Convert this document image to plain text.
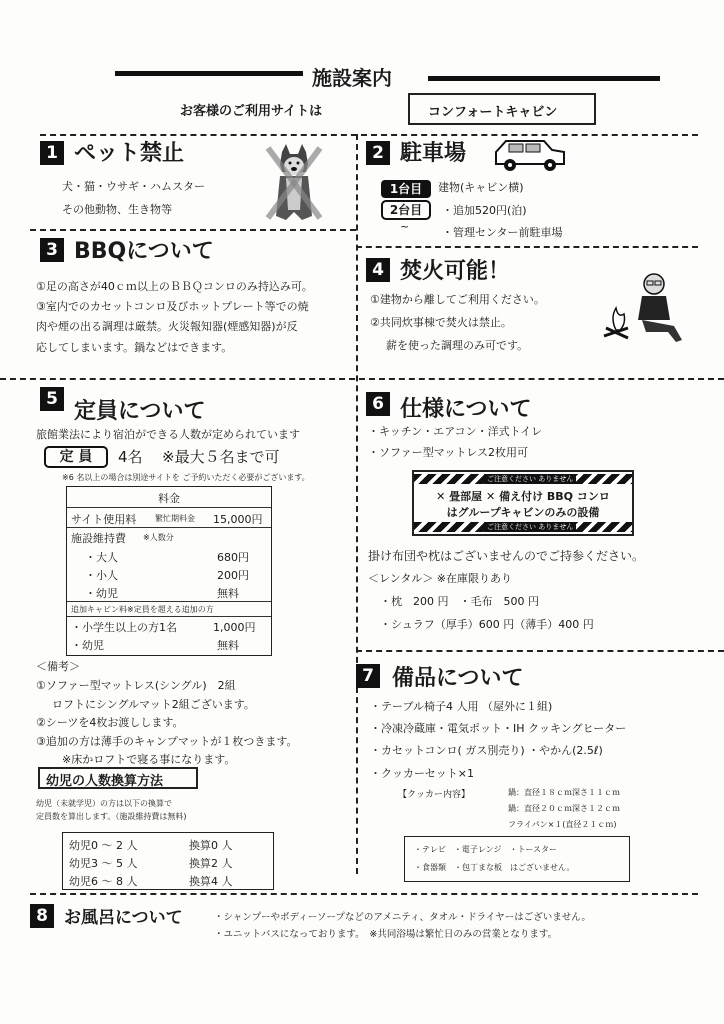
施設案内
お客様のご利用サイトは	コンフォートキャビン
1 ペット禁止
犬・猫・ウサギ・ハムスター
その他動物、生き物等
2 駐車場
1台目	建物(キャビン横)
2台目	・追加520円(泊)
~	・管理センター前駐車場
3 BBQについて
①足の高さが40ｃｍ以上のＢＢＱコンロのみ持込み可。
③室内でのカセットコンロ及びホットプレート等での焼
肉や煙の出る調理は厳禁。火災報知器(煙感知器)が反
応してしまいます。鍋などはできます。
4 焚火可能！
①建物から離してご利用ください。
②共同炊事棟で焚火は禁止。
薪を使った調理のみ可です。
5 定員について
旅館業法により宿泊ができる人数が定められています
定 員	4名 ※最大５名まで可
※6 名以上の場合は別途サイトを ご予約いただく必要がございます。
料金
サイト使用料 繁忙期料金 15,000円
施設維持費 ※人数分
・大人	680円
・小人	200円
・幼児	無料
追加キャビン料※定員を超える追加の方
・小学生以上の方1名	1,000円
・幼児	無料
＜備考＞
①ソファー型マットレス(シングル)　2組
ロフトにシングルマット2組ございます。
②シーツを4枚お渡しします。
③追加の方は薄手のキャンプマットが１枚つきます。
※床かロフトで寝る事になります。
幼児の人数換算方法
幼児（未就学児）の方は以下の換算で
定員数を算出します。（施設維持費は無料)
幼児0 ～ 2 人	換算0 人
幼児3 ～ 5 人	換算2 人
幼児6 ～ 8 人	換算4 人
6 仕様について
・キッチン・エアコン・洋式トイレ
・ソファー型マットレス2枚用可
ご注意ください ありません
✕ 畳部屋 ✕ 備え付け BBQ コンロ
はグループキャビンのみの設備
ご注意ください ありません
掛け布団や枕はございませんのでご持参ください。
＜レンタル＞ ※在庫限りあり
・枕　200 円　・毛布　500 円
・シュラフ（厚手）600 円（薄手）400 円
7 備品について
・テーブル椅子4 人用 （屋外に１組)
・冷凍冷蔵庫・電気ポット・IH クッキングヒーター
・カセットコンロ( ガス別売り) ・やかん(2.5ℓ)
・クッカーセット×1
【クッカー内容】	鍋：直径１８ｃｍ深さ１１ｃｍ
鍋：直径２０ｃｍ深さ１２ｃｍ
フライパン×１(直径２１ｃｍ)
・テレビ　・電子レンジ　・トースター
・食器類　・包丁まな板　はございません。
8 お風呂について	・シャンプーやボディーソープなどのアメニティ、タオル・ドライヤーはございません。
・ユニットバスになっております。　※共同浴場は繁忙日のみの営業となります。
